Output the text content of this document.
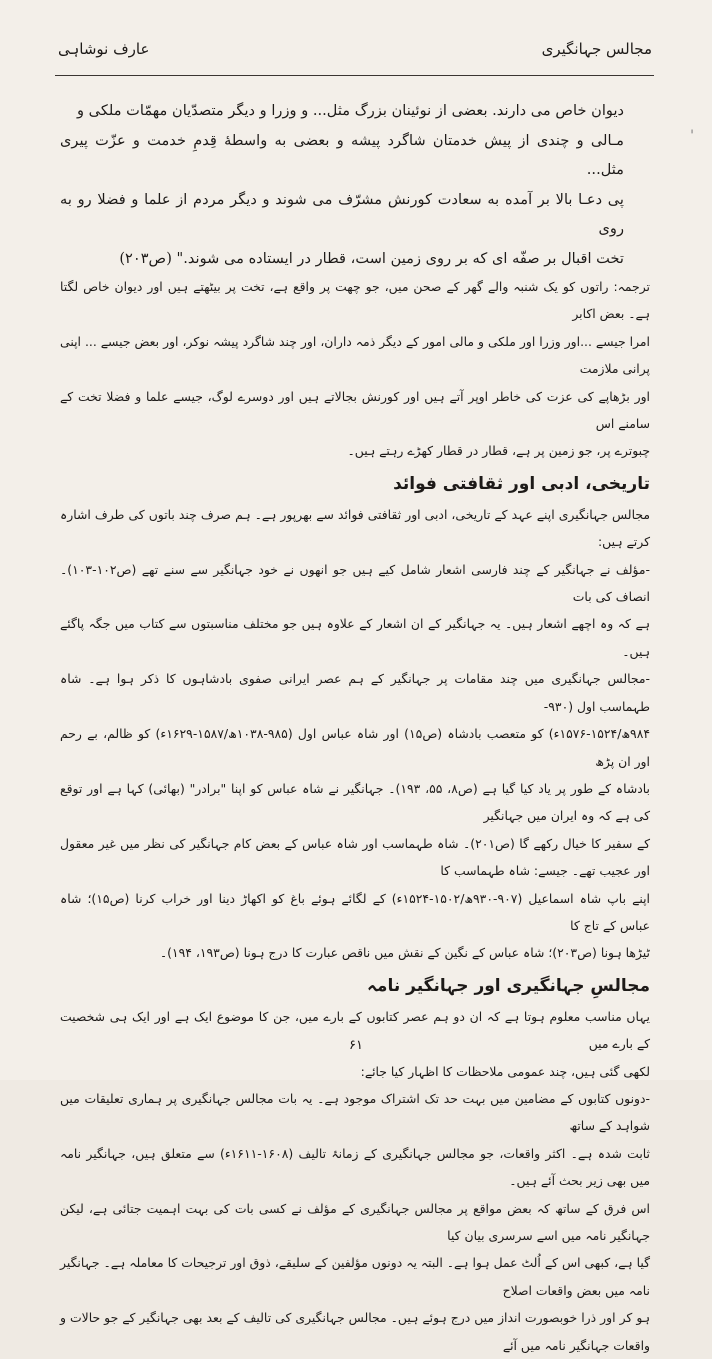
مجالس جہانگیری
عارف نوشاہی
'

دیوان خاص می دارند. بعضی از نوئینان بزرگ مثل... و وزرا و دیگر متصدّیان مهمّات ملکی و

مـالی و چندی از پیش خدمتان شاگرد پیشه و بعضی به واسطهٔ قِدمِ خدمت و عزّت پیری مثل...

پی دعـا بالا بر آمده به سعادت کورنش مشرّف می شوند و دیگر مردم از علما و فضلا رو به روی

تخت اقبال بر صفّه ای که بر روی زمین است، قطار در ایستاده می شوند." (ص۲۰۳)

ترجمہ: راتوں کو یک شنبہ والے گھر کے صحن میں، جو چھت پر واقع ہے، تخت پر بیٹھتے ہیں اور دیوان خاص لگتا ہے۔ بعض اکابر

امرا جیسے ...اور وزرا اور ملکی و مالی امور کے دیگر ذمہ داران، اور چند شاگرد پیشہ نوکر، اور بعض جیسے ... اپنی پرانی ملازمت

اور بڑھاپے کی عزت کی خاطر اوپر آتے ہیں اور کورنش بجالاتے ہیں اور دوسرے لوگ، جیسے علما و فضلا تخت کے سامنے اس

چبوترے پر، جو زمین پر ہے، قطار در قطار کھڑے رہتے ہیں۔

تاریخی، ادبی اور ثقافتی فوائد

مجالس جہانگیری اپنے عہد کے تاریخی، ادبی اور ثقافتی فوائد سے بھرپور ہے۔ ہم صرف چند باتوں کی طرف اشارہ کرتے ہیں:

-مؤلف نے جہانگیر کے چند فارسی اشعار شامل کیے ہیں جو انھوں نے خود جہانگیر سے سنے تھے (ص۱۰۲-۱۰۳)۔ انصاف کی بات

ہے کہ وہ اچھے اشعار ہیں۔ یہ جہانگیر کے ان اشعار کے علاوہ ہیں جو مختلف مناسبتوں سے کتاب میں جگہ پاگئے ہیں۔

-مجالس جہانگیری میں چند مقامات پر جہانگیر کے ہم عصر ایرانی صفوی بادشاہوں کا ذکر ہوا ہے۔ شاہ طہماسب اول (۹۳۰-

۹۸۴ھ/۱۵۲۴-۱۵۷۶ء) کو متعصب بادشاہ (ص۱۵) اور شاہ عباس اول (۹۸۵-۱۰۳۸ھ/۱۵۸۷-۱۶۲۹ء) کو ظالم، بے رحم اور ان پڑھ

بادشاہ کے طور پر یاد کیا گیا ہے (ص۸، ۵۵، ۱۹۳)۔ جہانگیر نے شاہ عباس کو اپنا "برادر" (بھائی) کہا ہے اور توقع کی ہے کہ وہ ایران میں جہانگیر

کے سفیر کا خیال رکھے گا (ص۲۰۱)۔ شاہ طہماسب اور شاہ عباس کے بعض کام جہانگیر کی نظر میں غیر معقول اور عجیب تھے۔ جیسے: شاہ طہماسب کا

اپنے باپ شاہ اسماعیل (۹۰۷-۹۳۰ھ/۱۵۰۲-۱۵۲۴ء) کے لگائے ہوئے باغ کو اکھاڑ دینا اور خراب کرنا (ص۱۵)؛ شاہ عباس کے تاج کا

ٹیڑھا ہونا (ص۲۰۳)؛ شاہ عباس کے نگین کے نقش میں ناقص عبارت کا درج ہونا (ص۱۹۳، ۱۹۴)۔

مجالسِ جہانگیری اور جہانگیر نامہ

یہاں مناسب معلوم ہوتا ہے کہ ان دو ہم عصر کتابوں کے بارے میں، جن کا موضوع ایک ہے اور ایک ہی شخصیت کے بارے میں

لکھی گئی ہیں، چند عمومی ملاحظات کا اظہار کیا جائے:

-دونوں کتابوں کے مضامین میں بہت حد تک اشتراک موجود ہے۔ یہ بات مجالس جہانگیری پر ہماری تعلیقات میں شواہد کے ساتھ

ثابت شدہ ہے۔ اکثر واقعات، جو مجالس جہانگیری کے زمانۂ تالیف (۱۶۰۸-۱۶۱۱ء) سے متعلق ہیں، جہانگیر نامہ میں بھی زیر بحث آئے ہیں۔

اس فرق کے ساتھ کہ بعض مواقع پر مجالس جہانگیری کے مؤلف نے کسی بات کی بہت اہمیت جتائی ہے، لیکن جہانگیر نامہ میں اسے سرسری بیان کیا

گیا ہے، کبھی اس کے اُلٹ عمل ہوا ہے۔ البتہ یہ دونوں مؤلفین کے سلیقے، ذوق اور ترجیحات کا معاملہ ہے۔ جہانگیر نامہ میں بعض واقعات اصلاح

ہو کر اور ذرا خوبصورت انداز میں درج ہوئے ہیں۔ مجالس جہانگیری کی تالیف کے بعد بھی جہانگیر کے جو حالات و واقعات جہانگیر نامہ میں آئے

۶۱
